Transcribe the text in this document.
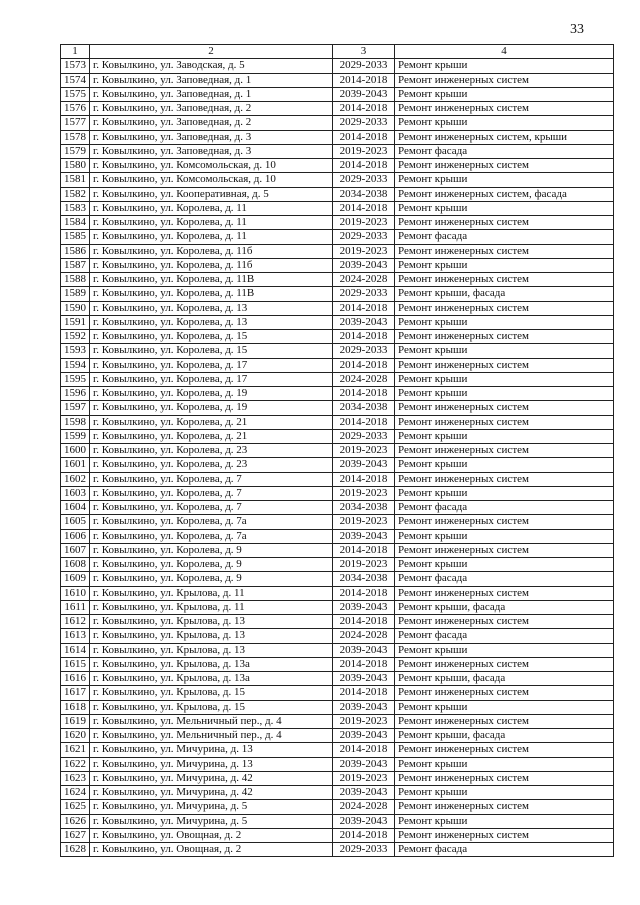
33
1	2	3	4
1573	г. Ковылкино, ул. Заводская, д. 5	2029-2033	Ремонт крыши
1574	г. Ковылкино, ул. Заповедная, д. 1	2014-2018	Ремонт инженерных систем
1575	г. Ковылкино, ул. Заповедная, д. 1	2039-2043	Ремонт крыши
1576	г. Ковылкино, ул. Заповедная, д. 2	2014-2018	Ремонт инженерных систем
1577	г. Ковылкино, ул. Заповедная, д. 2	2029-2033	Ремонт крыши
1578	г. Ковылкино, ул. Заповедная, д. 3	2014-2018	Ремонт инженерных систем, крыши
1579	г. Ковылкино, ул. Заповедная, д. 3	2019-2023	Ремонт фасада
1580	г. Ковылкино, ул. Комсомольская, д. 10	2014-2018	Ремонт инженерных систем
1581	г. Ковылкино, ул. Комсомольская, д. 10	2029-2033	Ремонт крыши
1582	г. Ковылкино, ул. Кооперативная, д. 5	2034-2038	Ремонт инженерных систем, фасада
1583	г. Ковылкино, ул. Королева, д. 11	2014-2018	Ремонт крыши
1584	г. Ковылкино, ул. Королева, д. 11	2019-2023	Ремонт инженерных систем
1585	г. Ковылкино, ул. Королева, д. 11	2029-2033	Ремонт фасада
1586	г. Ковылкино, ул. Королева, д. 11б	2019-2023	Ремонт инженерных систем
1587	г. Ковылкино, ул. Королева, д. 11б	2039-2043	Ремонт крыши
1588	г. Ковылкино, ул. Королева, д. 11В	2024-2028	Ремонт инженерных систем
1589	г. Ковылкино, ул. Королева, д. 11В	2029-2033	Ремонт крыши, фасада
1590	г. Ковылкино, ул. Королева, д. 13	2014-2018	Ремонт инженерных систем
1591	г. Ковылкино, ул. Королева, д. 13	2039-2043	Ремонт крыши
1592	г. Ковылкино, ул. Королева, д. 15	2014-2018	Ремонт инженерных систем
1593	г. Ковылкино, ул. Королева, д. 15	2029-2033	Ремонт крыши
1594	г. Ковылкино, ул. Королева, д. 17	2014-2018	Ремонт инженерных систем
1595	г. Ковылкино, ул. Королева, д. 17	2024-2028	Ремонт крыши
1596	г. Ковылкино, ул. Королева, д. 19	2014-2018	Ремонт крыши
1597	г. Ковылкино, ул. Королева, д. 19	2034-2038	Ремонт инженерных систем
1598	г. Ковылкино, ул. Королева, д. 21	2014-2018	Ремонт инженерных систем
1599	г. Ковылкино, ул. Королева, д. 21	2029-2033	Ремонт крыши
1600	г. Ковылкино, ул. Королева, д. 23	2019-2023	Ремонт инженерных систем
1601	г. Ковылкино, ул. Королева, д. 23	2039-2043	Ремонт крыши
1602	г. Ковылкино, ул. Королева, д. 7	2014-2018	Ремонт инженерных систем
1603	г. Ковылкино, ул. Королева, д. 7	2019-2023	Ремонт крыши
1604	г. Ковылкино, ул. Королева, д. 7	2034-2038	Ремонт фасада
1605	г. Ковылкино, ул. Королева, д. 7а	2019-2023	Ремонт инженерных систем
1606	г. Ковылкино, ул. Королева, д. 7а	2039-2043	Ремонт крыши
1607	г. Ковылкино, ул. Королева, д. 9	2014-2018	Ремонт инженерных систем
1608	г. Ковылкино, ул. Королева, д. 9	2019-2023	Ремонт крыши
1609	г. Ковылкино, ул. Королева, д. 9	2034-2038	Ремонт фасада
1610	г. Ковылкино, ул. Крылова, д. 11	2014-2018	Ремонт инженерных систем
1611	г. Ковылкино, ул. Крылова, д. 11	2039-2043	Ремонт крыши, фасада
1612	г. Ковылкино, ул. Крылова, д. 13	2014-2018	Ремонт инженерных систем
1613	г. Ковылкино, ул. Крылова, д. 13	2024-2028	Ремонт фасада
1614	г. Ковылкино, ул. Крылова, д. 13	2039-2043	Ремонт крыши
1615	г. Ковылкино, ул. Крылова, д. 13а	2014-2018	Ремонт инженерных систем
1616	г. Ковылкино, ул. Крылова, д. 13а	2039-2043	Ремонт крыши, фасада
1617	г. Ковылкино, ул. Крылова, д. 15	2014-2018	Ремонт инженерных систем
1618	г. Ковылкино, ул. Крылова, д. 15	2039-2043	Ремонт крыши
1619	г. Ковылкино, ул. Мельничный пер., д. 4	2019-2023	Ремонт инженерных систем
1620	г. Ковылкино, ул. Мельничный пер., д. 4	2039-2043	Ремонт крыши, фасада
1621	г. Ковылкино, ул. Мичурина, д. 13	2014-2018	Ремонт инженерных систем
1622	г. Ковылкино, ул. Мичурина, д. 13	2039-2043	Ремонт крыши
1623	г. Ковылкино, ул. Мичурина, д. 42	2019-2023	Ремонт инженерных систем
1624	г. Ковылкино, ул. Мичурина, д. 42	2039-2043	Ремонт крыши
1625	г. Ковылкино, ул. Мичурина, д. 5	2024-2028	Ремонт инженерных систем
1626	г. Ковылкино, ул. Мичурина, д. 5	2039-2043	Ремонт крыши
1627	г. Ковылкино, ул. Овощная, д. 2	2014-2018	Ремонт инженерных систем
1628	г. Ковылкино, ул. Овощная, д. 2	2029-2033	Ремонт фасада
